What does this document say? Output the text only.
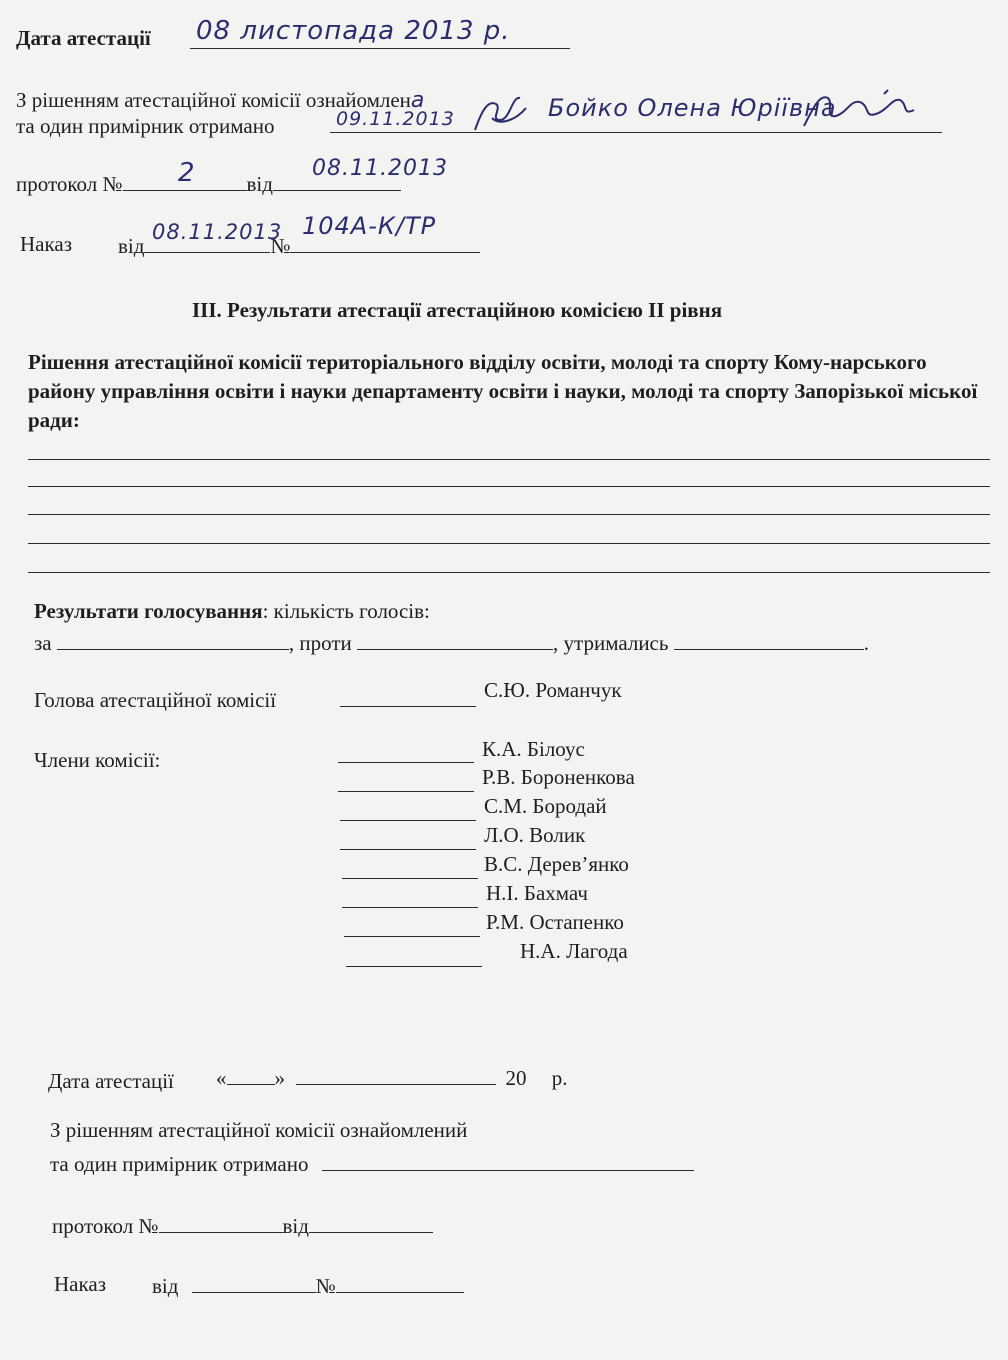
Дата атестації 08 листопада 2013 р.
З рішенням атестаційної комісії ознайомлена
та один примірник отримано	09.11.2013	Бойко Олена Юріївна
протокол №	від
2	08.11.2013
Наказ від	№
08.11.2013 104А-К/ТР
III. Результати атестації атестаційною комісією ІІ рівня
Рішення атестаційної комісії територіального відділу освіти, молоді та спорту Кому-нарського району управління освіти і науки департаменту освіти і науки, молоді та спорту Запорізької міської ради:
Результати голосування: кількість голосів:
за	, проти	, утримались	.
Голова атестаційної комісії	С.Ю. Романчук
Члени комісії:	К.А. Білоус
Р.В. Бороненкова
С.М. Бородай
Л.О. Волик
В.С. Дерев’янко
Н.І. Бахмач
Р.М. Остапенко
Н.А. Лагода
Дата атестації « »	20 р.
З рішенням атестаційної комісії ознайомлений
та один примірник отримано
протокол №	від
Наказ від	№
